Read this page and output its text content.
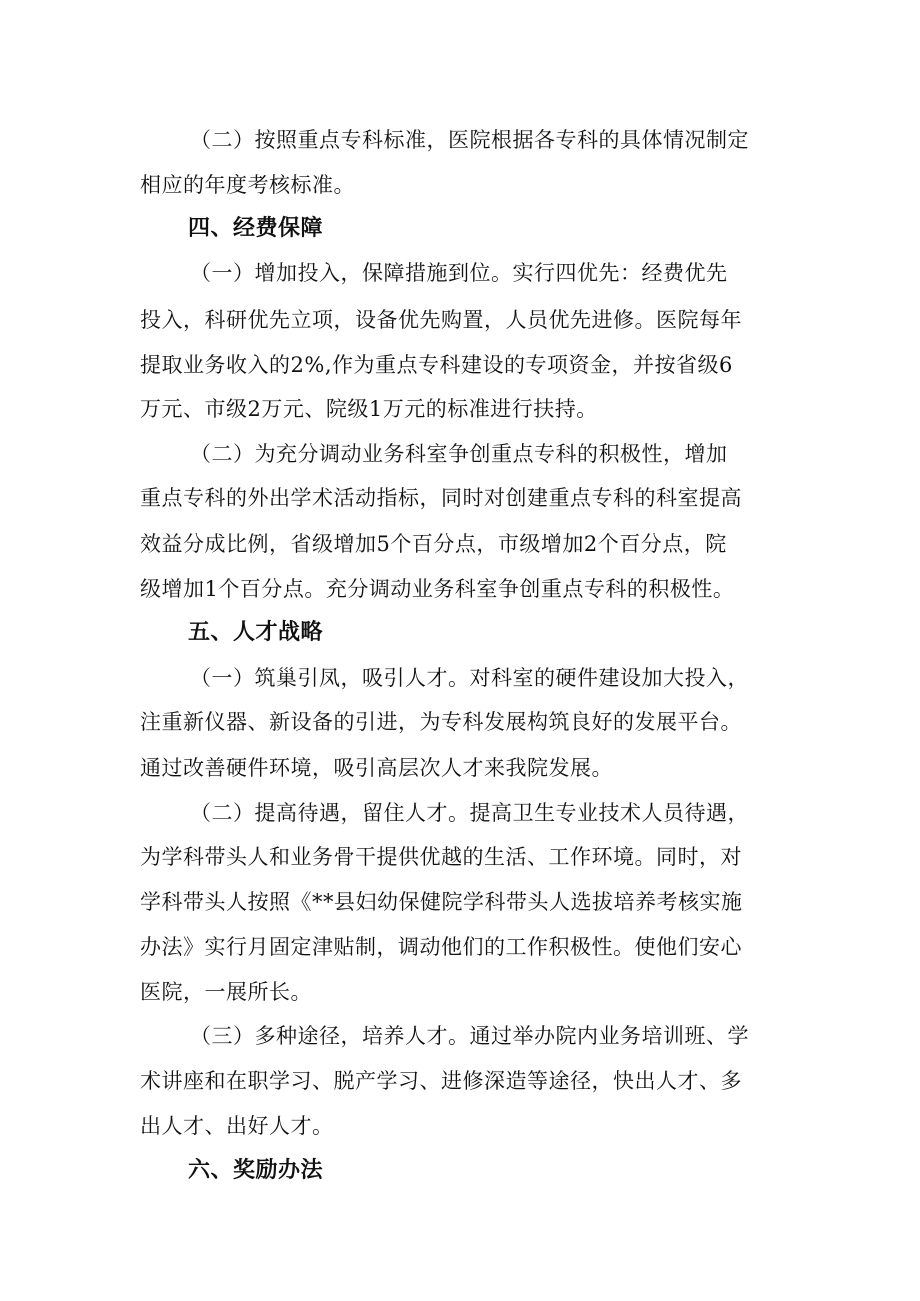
（二）按照重点专科标准，医院根据各专科的具体情况制定
相应的年度考核标准。
四、经费保障
（一）增加投入，保障措施到位。实行四优先：经费优先
投入，科研优先立项，设备优先购置，人员优先进修。医院每年
提取业务收入的2%,作为重点专科建设的专项资金，并按省级6
万元、市级2万元、院级1万元的标准进行扶持。
（二）为充分调动业务科室争创重点专科的积极性，增加
重点专科的外出学术活动指标，同时对创建重点专科的科室提高
效益分成比例，省级增加5个百分点，市级增加2个百分点，院
级增加1个百分点。充分调动业务科室争创重点专科的积极性。
五、人才战略
（一）筑巢引凤，吸引人才。对科室的硬件建设加大投入，
注重新仪器、新设备的引进，为专科发展构筑良好的发展平台。
通过改善硬件环境，吸引高层次人才来我院发展。
（二）提高待遇，留住人才。提高卫生专业技术人员待遇，
为学科带头人和业务骨干提供优越的生活、工作环境。同时，对
学科带头人按照《**县妇幼保健院学科带头人选拔培养考核实施
办法》实行月固定津贴制，调动他们的工作积极性。使他们安心
医院，一展所长。
（三）多种途径，培养人才。通过举办院内业务培训班、学
术讲座和在职学习、脱产学习、进修深造等途径，快出人才、多
出人才、出好人才。
六、奖励办法
